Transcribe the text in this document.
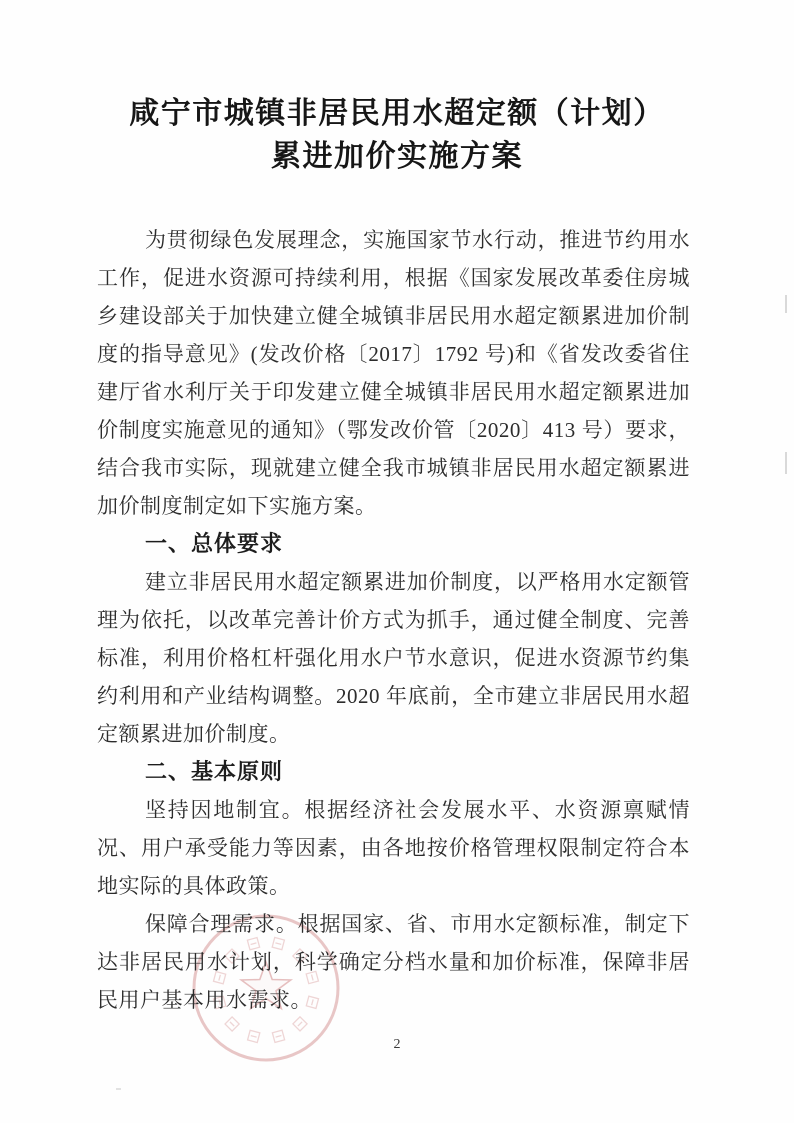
咸宁市城镇非居民用水超定额（计划）
累进加价实施方案

为贯彻绿色发展理念，实施国家节水行动，推进节约用水工作，促进水资源可持续利用，根据《国家发展改革委住房城乡建设部关于加快建立健全城镇非居民用水超定额累进加价制度的指导意见》(发改价格〔2017〕1792 号)和《省发改委省住建厅省水利厅关于印发建立健全城镇非居民用水超定额累进加价制度实施意见的通知》（鄂发改价管〔2020〕413 号）要求，结合我市实际，现就建立健全我市城镇非居民用水超定额累进加价制度制定如下实施方案。

一、总体要求

建立非居民用水超定额累进加价制度，以严格用水定额管理为依托，以改革完善计价方式为抓手，通过健全制度、完善标准，利用价格杠杆强化用水户节水意识，促进水资源节约集约利用和产业结构调整。2020 年底前，全市建立非居民用水超定额累进加价制度。

二、基本原则

坚持因地制宜。根据经济社会发展水平、水资源禀赋情况、用户承受能力等因素，由各地按价格管理权限制定符合本地实际的具体政策。

保障合理需求。根据国家、省、市用水定额标准，制定下达非居民用水计划，科学确定分档水量和加价标准，保障非居民用户基本用水需求。

2
